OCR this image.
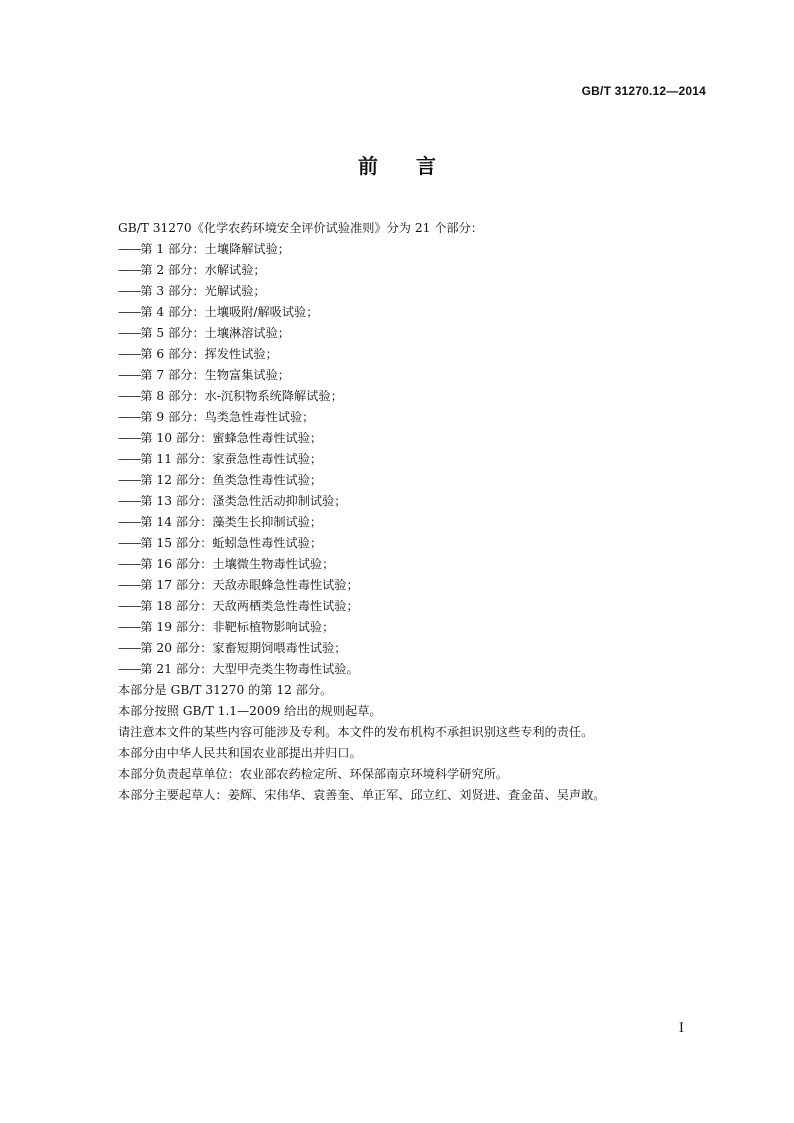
GB/T 31270.12—2014
前言
GB/T 31270《化学农药环境安全评价试验准则》分为 21 个部分：
——第 1 部分：土壤降解试验；
——第 2 部分：水解试验；
——第 3 部分：光解试验；
——第 4 部分：土壤吸附/解吸试验；
——第 5 部分：土壤淋溶试验；
——第 6 部分：挥发性试验；
——第 7 部分：生物富集试验；
——第 8 部分：水-沉积物系统降解试验；
——第 9 部分：鸟类急性毒性试验；
——第 10 部分：蜜蜂急性毒性试验；
——第 11 部分：家蚕急性毒性试验；
——第 12 部分：鱼类急性毒性试验；
——第 13 部分：溞类急性活动抑制试验；
——第 14 部分：藻类生长抑制试验；
——第 15 部分：蚯蚓急性毒性试验；
——第 16 部分：土壤微生物毒性试验；
——第 17 部分：天敌赤眼蜂急性毒性试验；
——第 18 部分：天敌两栖类急性毒性试验；
——第 19 部分：非靶标植物影响试验；
——第 20 部分：家畜短期饲喂毒性试验；
——第 21 部分：大型甲壳类生物毒性试验。
本部分是 GB/T 31270 的第 12 部分。
本部分按照 GB/T 1.1—2009 给出的规则起草。
请注意本文件的某些内容可能涉及专利。本文件的发布机构不承担识别这些专利的责任。
本部分由中华人民共和国农业部提出并归口。
本部分负责起草单位：农业部农药检定所、环保部南京环境科学研究所。
本部分主要起草人：姜辉、宋伟华、袁善奎、单正军、邱立红、刘贤进、査金苗、吴声敢。
I
